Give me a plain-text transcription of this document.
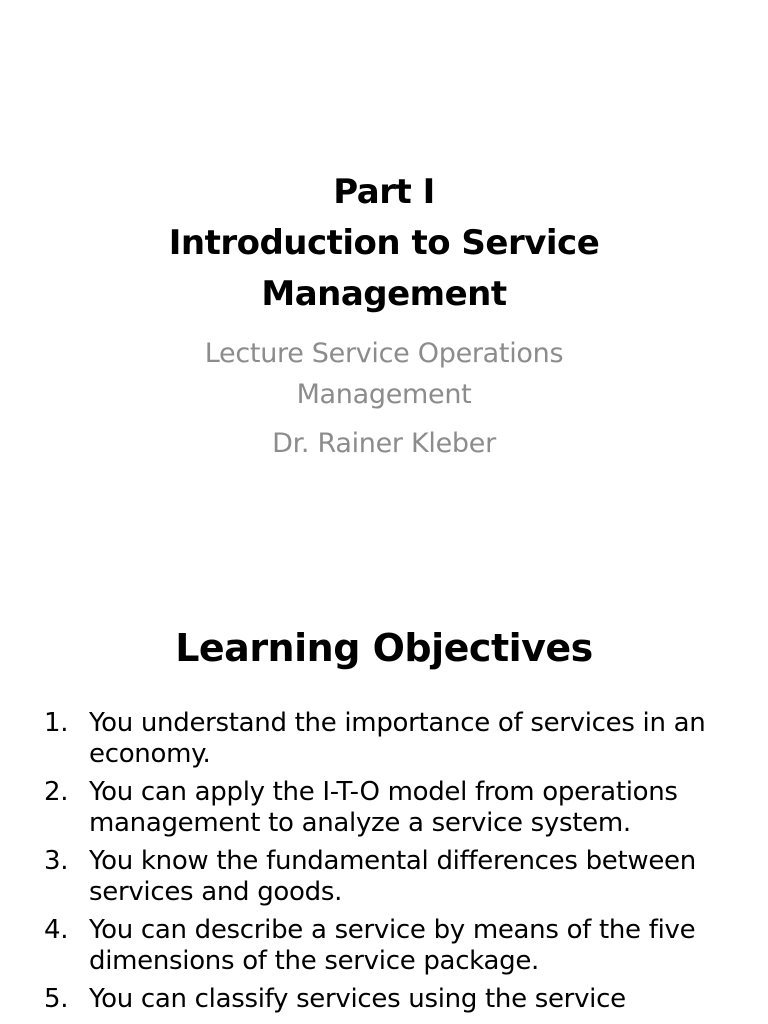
Part I
Introduction to Service
Management
Lecture Service Operations
Management
Dr. Rainer Kleber
Learning Objectives
1. You understand the importance of services in an economy.
2. You can apply the I-T-O model from operations management to analyze a service system.
3. You know the fundamental differences between services and goods.
4. You can describe a service by means of the five dimensions of the service package.
5. You can classify services using the service
